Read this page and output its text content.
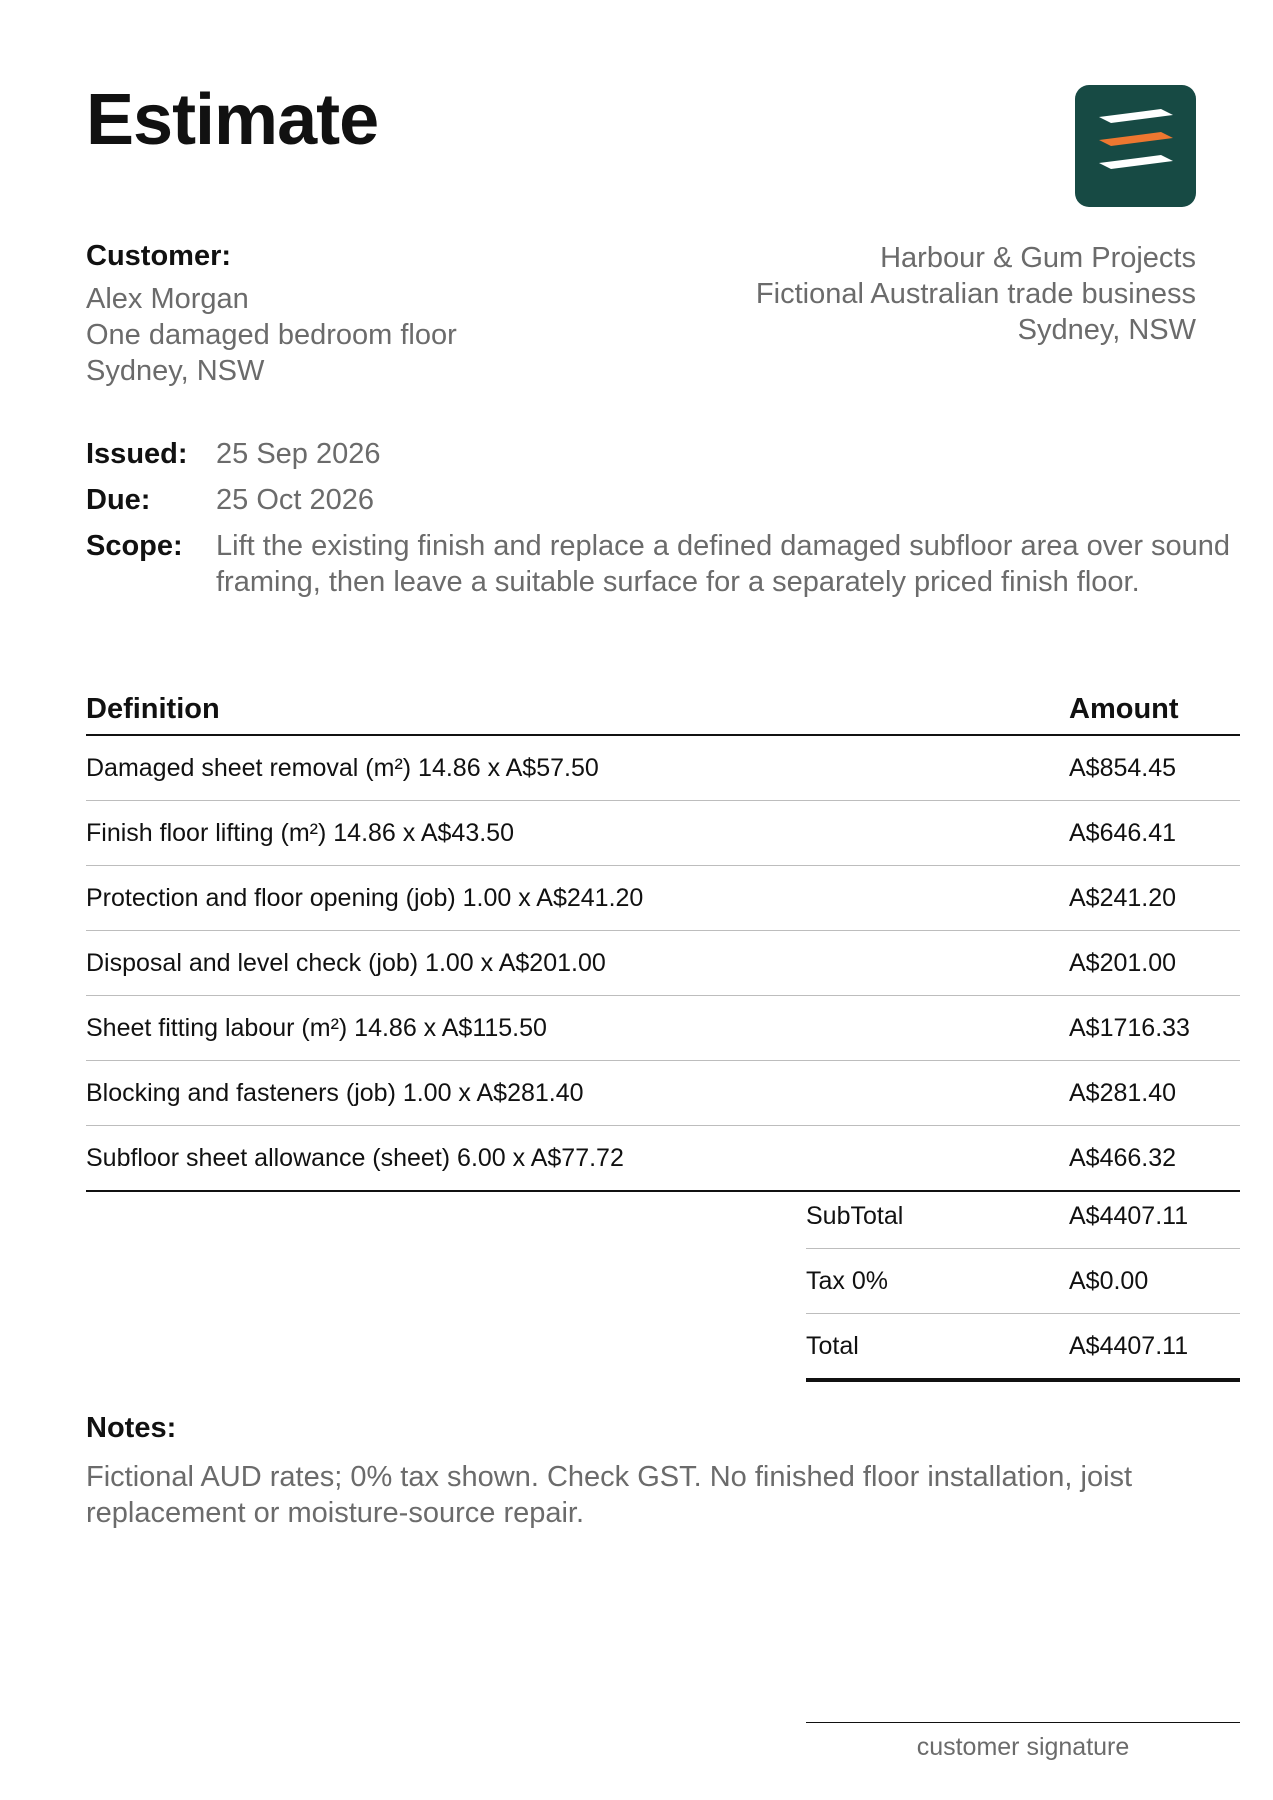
Estimate
Customer:
Alex Morgan
One damaged bedroom floor
Sydney, NSW
Harbour & Gum Projects
Fictional Australian trade business
Sydney, NSW
Issued: 25 Sep 2026
Due:	25 Oct 2026
Scope:	Lift the existing finish and replace a defined damaged subfloor area over sound framing, then leave a suitable surface for a separately priced finish floor.
Definition	Amount
Damaged sheet removal (m²) 14.86 x A$57.50	A$854.45
Finish floor lifting (m²) 14.86 x A$43.50	A$646.41
Protection and floor opening (job) 1.00 x A$241.20	A$241.20
Disposal and level check (job) 1.00 x A$201.00	A$201.00
Sheet fitting labour (m²) 14.86 x A$115.50	A$1716.33
Blocking and fasteners (job) 1.00 x A$281.40	A$281.40
Subfloor sheet allowance (sheet) 6.00 x A$77.72	A$466.32
SubTotal	A$4407.11
Tax 0%	A$0.00
Total	A$4407.11
Notes:
Fictional AUD rates; 0% tax shown. Check GST. No finished floor installation, joist replacement or moisture-source repair.
customer signature
